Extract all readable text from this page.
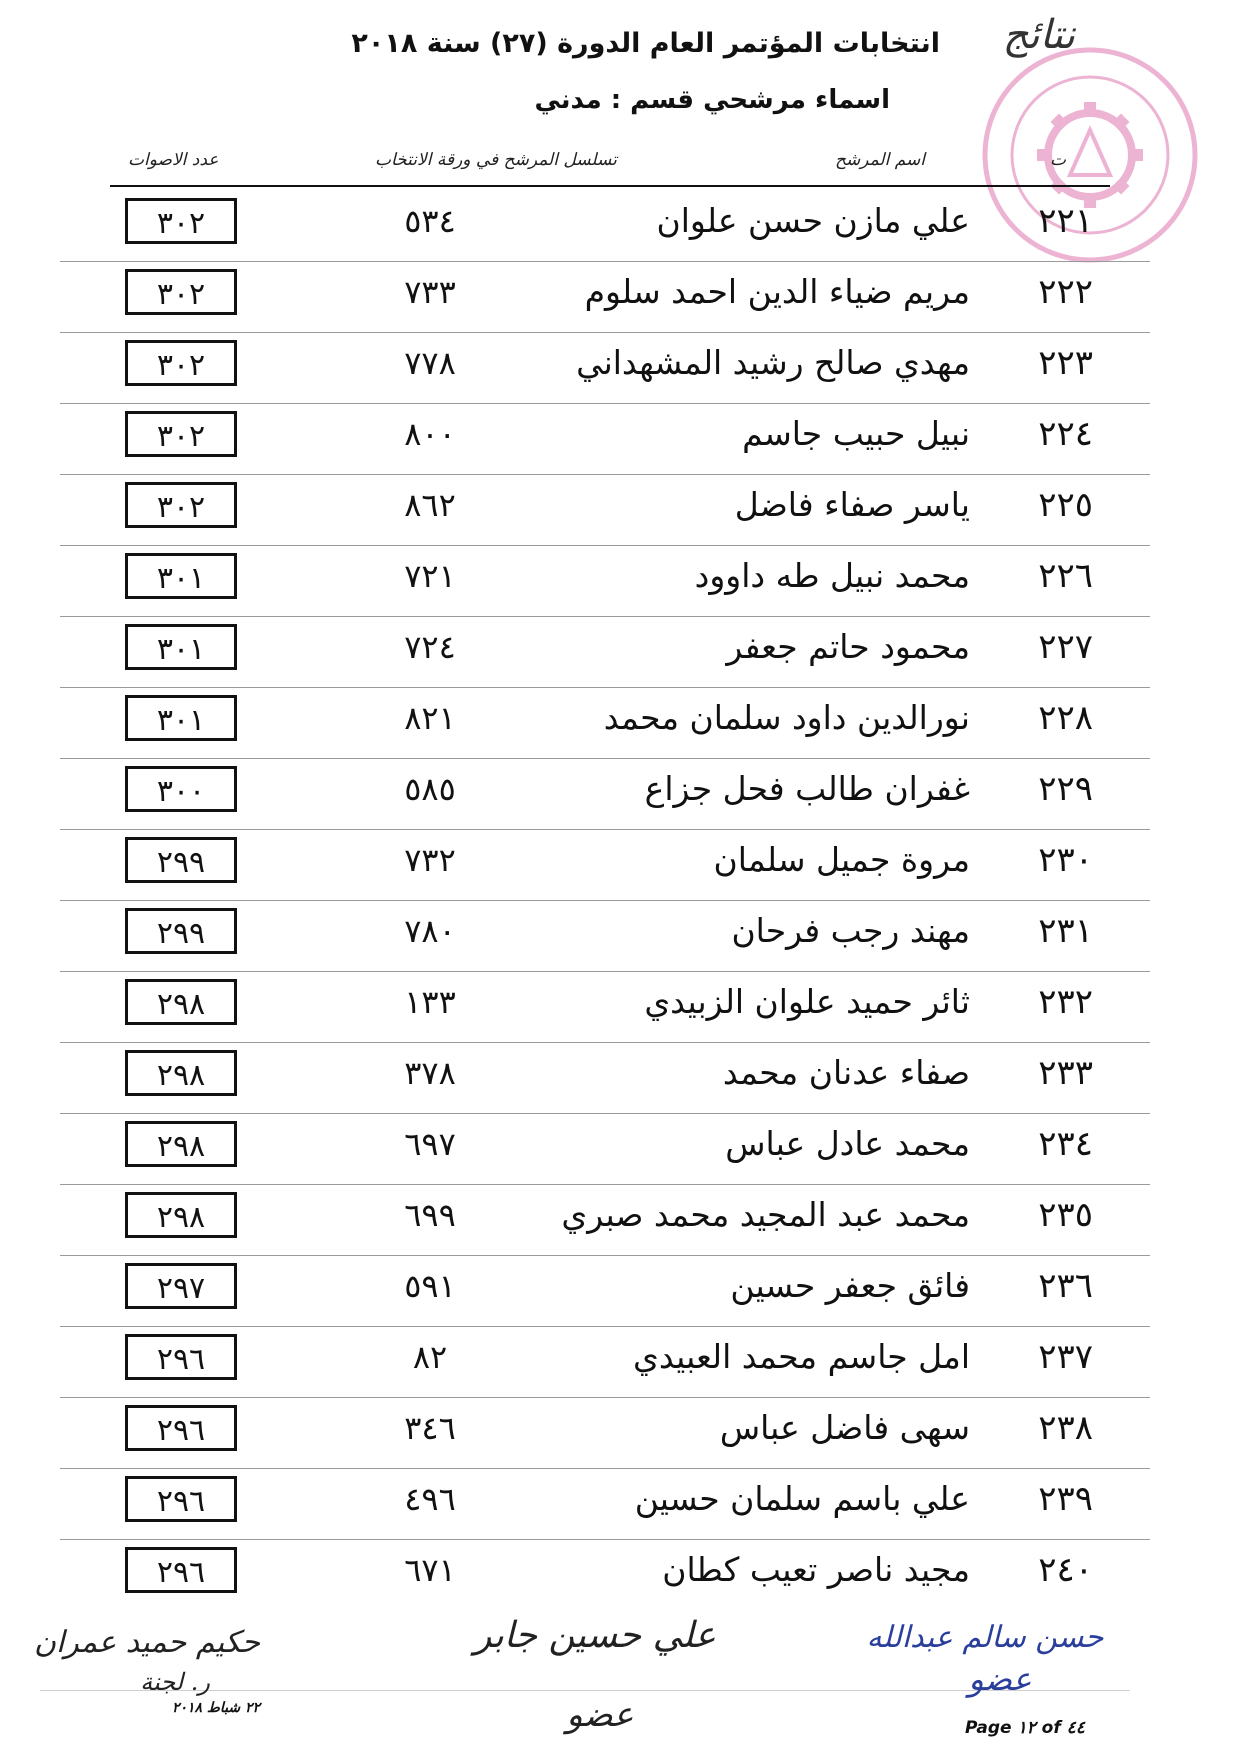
نتائج
انتخابات المؤتمر العام الدورة (٢٧) سنة ٢٠١٨
اسماء مرشحي قسم : مدني
ت
اسم المرشح
تسلسل المرشح في ورقة الانتخاب
عدد الاصوات
٢٢١
علي مازن حسن علوان
٥٣٤
٣٠٢
٢٢٢
مريم ضياء الدين احمد سلوم
٧٣٣
٣٠٢
٢٢٣
مهدي صالح رشيد المشهداني
٧٧٨
٣٠٢
٢٢٤
نبيل حبيب جاسم
٨٠٠
٣٠٢
٢٢٥
ياسر صفاء فاضل
٨٦٢
٣٠٢
٢٢٦
محمد نبيل طه داوود
٧٢١
٣٠١
٢٢٧
محمود حاتم جعفر
٧٢٤
٣٠١
٢٢٨
نورالدين داود سلمان محمد
٨٢١
٣٠١
٢٢٩
غفران طالب فحل جزاع
٥٨٥
٣٠٠
٢٣٠
مروة جميل سلمان
٧٣٢
٢٩٩
٢٣١
مهند رجب فرحان
٧٨٠
٢٩٩
٢٣٢
ثائر حميد علوان الزبيدي
١٣٣
٢٩٨
٢٣٣
صفاء عدنان محمد
٣٧٨
٢٩٨
٢٣٤
محمد عادل عباس
٦٩٧
٢٩٨
٢٣٥
محمد عبد المجيد محمد صبري
٦٩٩
٢٩٨
٢٣٦
فائق جعفر حسين
٥٩١
٢٩٧
٢٣٧
امل جاسم محمد العبيدي
٨٢
٢٩٦
٢٣٨
سهى فاضل عباس
٣٤٦
٢٩٦
٢٣٩
علي باسم سلمان حسين
٤٩٦
٢٩٦
٢٤٠
مجيد ناصر تعيب كطان
٦٧١
٢٩٦
حكيم حميد عمران
ر. لجنة
٢٢ شباط ٢٠١٨
علي حسين جابر
عضو
حسن سالم عبدالله
عضو
Page ١٢ of ٤٤
